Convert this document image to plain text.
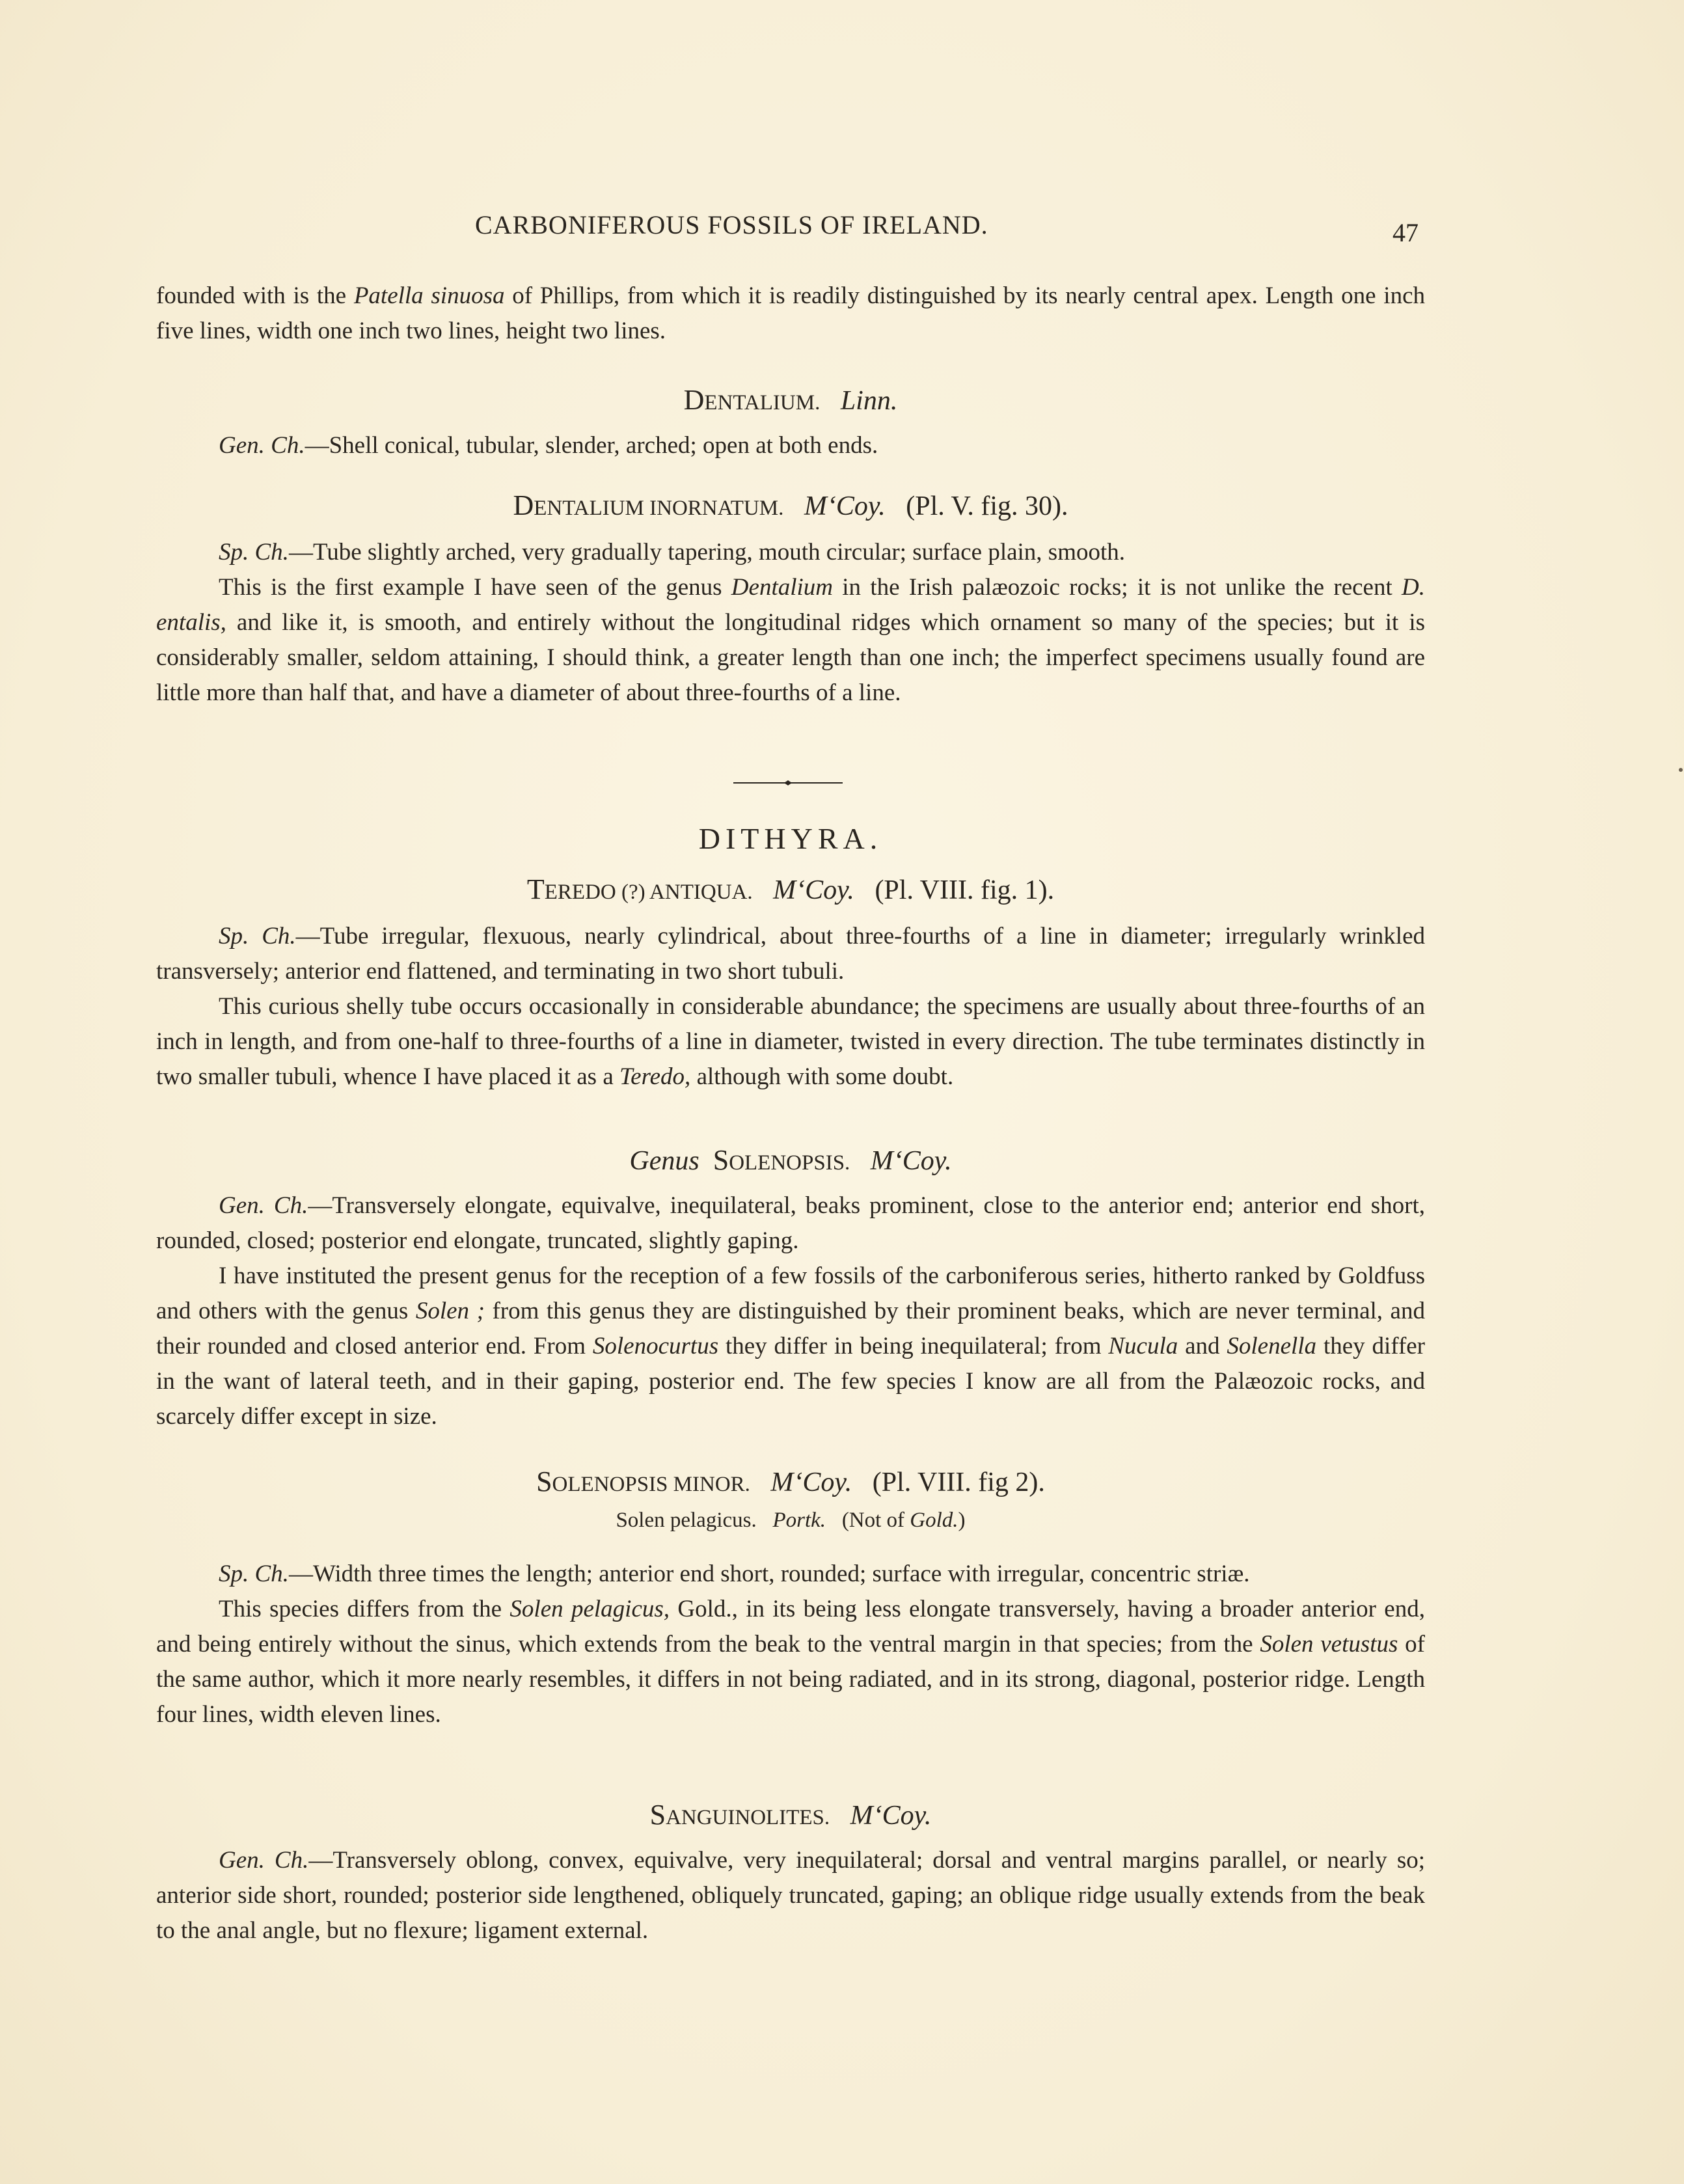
CARBONIFEROUS FOSSILS OF IRELAND.	47

founded with is the Patella sinuosa of Phillips, from which it is readily distinguished by its nearly central apex. Length one inch five lines, width one inch two lines, height two lines.

DENTALIUM. Linn.

Gen. Ch.—Shell conical, tubular, slender, arched; open at both ends.

DENTALIUM INORNATUM. M‘Coy. (Pl. V. fig. 30).

Sp. Ch.—Tube slightly arched, very gradually tapering, mouth circular; surface plain, smooth.

This is the first example I have seen of the genus Dentalium in the Irish palæozoic rocks; it is not unlike the recent D. entalis, and like it, is smooth, and entirely without the longitudinal ridges which ornament so many of the species; but it is considerably smaller, seldom attaining, I should think, a greater length than one inch; the imperfect specimens usually found are little more than half that, and have a diameter of about three-fourths of a line.

DITHYRA.
TEREDO (?) ANTIQUA. M‘Coy. (Pl. VIII. fig. 1).

Sp. Ch.—Tube irregular, flexuous, nearly cylindrical, about three-fourths of a line in diameter; irregularly wrinkled transversely; anterior end flattened, and terminating in two short tubuli.

This curious shelly tube occurs occasionally in considerable abundance; the specimens are usually about three-fourths of an inch in length, and from one-half to three-fourths of a line in diameter, twisted in every direction. The tube terminates distinctly in two smaller tubuli, whence I have placed it as a Teredo, although with some doubt.

Genus SOLENOPSIS. M‘Coy.

Gen. Ch.—Transversely elongate, equivalve, inequilateral, beaks prominent, close to the anterior end; anterior end short, rounded, closed; posterior end elongate, truncated, slightly gaping.

I have instituted the present genus for the reception of a few fossils of the carboniferous series, hitherto ranked by Goldfuss and others with the genus Solen ; from this genus they are distinguished by their prominent beaks, which are never terminal, and their rounded and closed anterior end. From Solenocurtus they differ in being inequilateral; from Nucula and Solenella they differ in the want of lateral teeth, and in their gaping, posterior end. The few species I know are all from the Palæozoic rocks, and scarcely differ except in size.

SOLENOPSIS MINOR. M‘Coy. (Pl. VIII. fig 2).
Solen pelagicus. Portk. (Not of Gold.)

Sp. Ch.—Width three times the length; anterior end short, rounded; surface with irregular, concentric striæ.

This species differs from the Solen pelagicus, Gold., in its being less elongate transversely, having a broader anterior end, and being entirely without the sinus, which extends from the beak to the ventral margin in that species; from the Solen vetustus of the same author, which it more nearly resembles, it differs in not being radiated, and in its strong, diagonal, posterior ridge. Length four lines, width eleven lines.

SANGUINOLITES. M‘Coy.

Gen. Ch.—Transversely oblong, convex, equivalve, very inequilateral; dorsal and ventral margins parallel, or nearly so; anterior side short, rounded; posterior side lengthened, obliquely truncated, gaping; an oblique ridge usually extends from the beak to the anal angle, but no flexure; ligament external.
